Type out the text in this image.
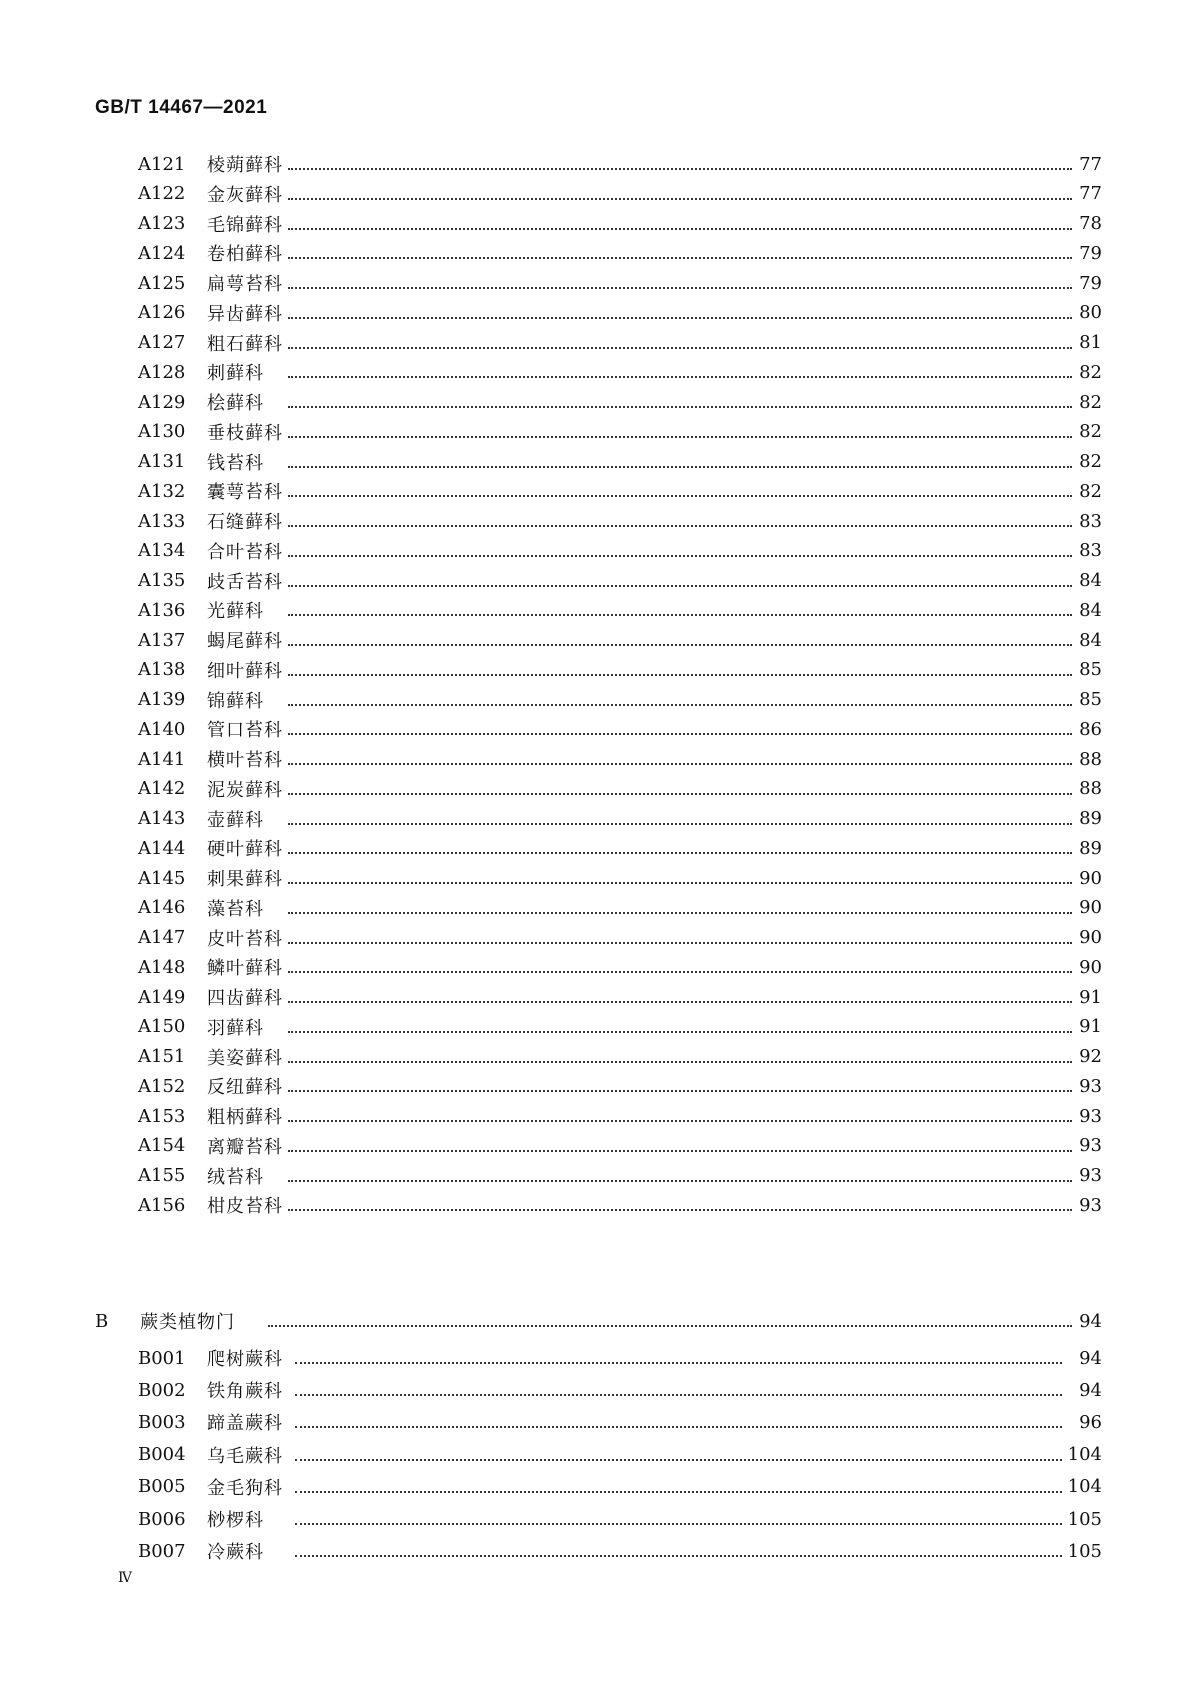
GB/T 14467—2021
A121	棱蒴藓科	77
A122	金灰藓科	77
A123	毛锦藓科	78
A124	卷柏藓科	79
A125	扁萼苔科	79
A126	异齿藓科	80
A127	粗石藓科	81
A128	刺藓科	82
A129	桧藓科	82
A130	垂枝藓科	82
A131	钱苔科	82
A132	囊萼苔科	82
A133	石缝藓科	83
A134	合叶苔科	83
A135	歧舌苔科	84
A136	光藓科	84
A137	蝎尾藓科	84
A138	细叶藓科	85
A139	锦藓科	85
A140	管口苔科	86
A141	横叶苔科	88
A142	泥炭藓科	88
A143	壶藓科	89
A144	硬叶藓科	89
A145	刺果藓科	90
A146	藻苔科	90
A147	皮叶苔科	90
A148	鳞叶藓科	90
A149	四齿藓科	91
A150	羽藓科	91
A151	美姿藓科	92
A152	反纽藓科	93
A153	粗柄藓科	93
A154	离瓣苔科	93
A155	绒苔科	93
A156	柑皮苔科	93
B	蕨类植物门	94
B001	爬树蕨科	94
B002	铁角蕨科	94
B003	蹄盖蕨科	96
B004	乌毛蕨科	104
B005	金毛狗科	104
B006	桫椤科	105
B007	冷蕨科	105
Ⅳ
